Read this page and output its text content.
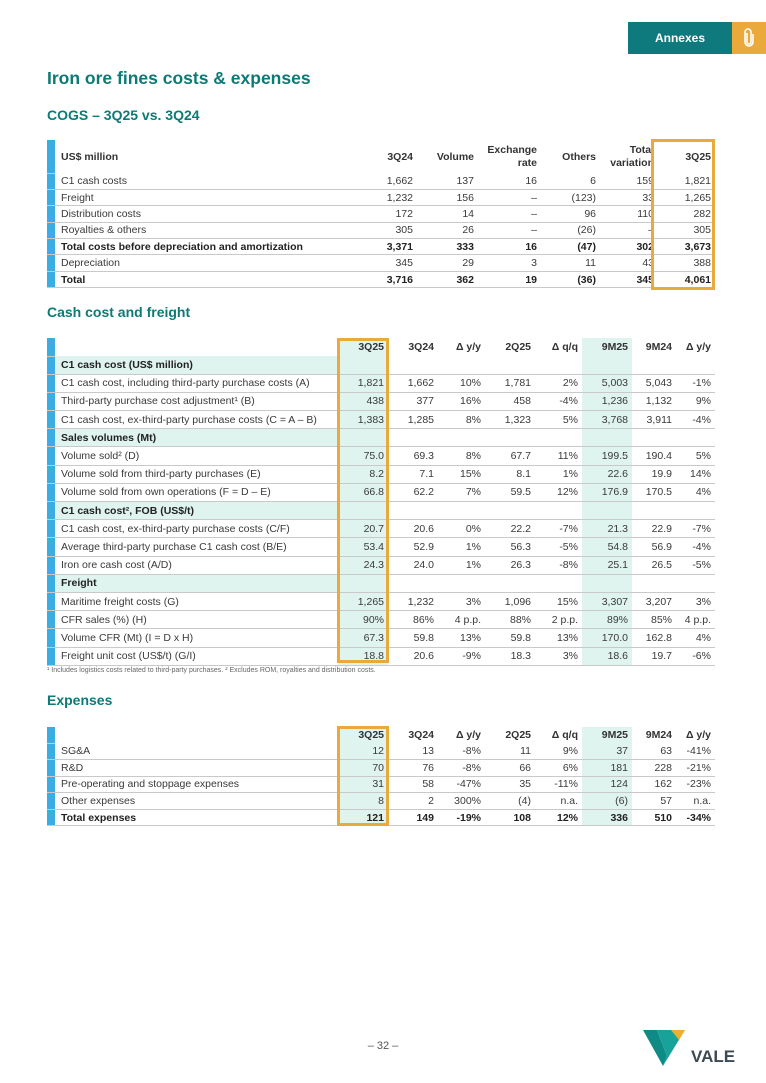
Annexes
Iron ore fines costs & expenses
COGS – 3Q25 vs. 3Q24
	US$ million	3Q24	Volume	Exchange rate	Others	Total variation	3Q25
	C1 cash costs	1,662	137	16	6	159	1,821
	Freight	1,232	156	–	(123)	33	1,265
	Distribution costs	172	14	–	96	110	282
	Royalties & others	305	26	–	(26)	–	305
	Total costs before depreciation and amortization	3,371	333	16	(47)	302	3,673
	Depreciation	345	29	3	11	43	388
	Total	3,716	362	19	(36)	345	4,061
Cash cost and freight
		3Q25	3Q24	Δ y/y	2Q25	Δ q/q	9M25	9M24	Δ y/y
	C1 cash cost (US$ million)								
	C1 cash cost, including third-party purchase costs (A)	1,821	1,662	10%	1,781	2%	5,003	5,043	-1%
	Third-party purchase cost adjustment¹ (B)	438	377	16%	458	-4%	1,236	1,132	9%
	C1 cash cost, ex-third-party purchase costs (C = A – B)	1,383	1,285	8%	1,323	5%	3,768	3,911	-4%
	Sales volumes (Mt)								
	Volume sold² (D)	75.0	69.3	8%	67.7	11%	199.5	190.4	5%
	Volume sold from third-party purchases (E)	8.2	7.1	15%	8.1	1%	22.6	19.9	14%
	Volume sold from own operations (F = D – E)	66.8	62.2	7%	59.5	12%	176.9	170.5	4%
	C1 cash cost², FOB (US$/t)								
	C1 cash cost, ex-third-party purchase costs (C/F)	20.7	20.6	0%	22.2	-7%	21.3	22.9	-7%
	Average third-party purchase C1 cash cost (B/E)	53.4	52.9	1%	56.3	-5%	54.8	56.9	-4%
	Iron ore cash cost (A/D)	24.3	24.0	1%	26.3	-8%	25.1	26.5	-5%
	Freight								
	Maritime freight costs (G)	1,265	1,232	3%	1,096	15%	3,307	3,207	3%
	CFR sales (%) (H)	90%	86%	4 p.p.	88%	2 p.p.	89%	85%	4 p.p.
	Volume CFR (Mt) (I = D x H)	67.3	59.8	13%	59.8	13%	170.0	162.8	4%
	Freight unit cost (US$/t) (G/I)	18.8	20.6	-9%	18.3	3%	18.6	19.7	-6%
¹ Includes logistics costs related to third-party purchases. ² Excludes ROM, royalties and distribution costs.
Expenses
		3Q25	3Q24	Δ y/y	2Q25	Δ q/q	9M25	9M24	Δ y/y
	SG&A	12	13	-8%	11	9%	37	63	-41%
	R&D	70	76	-8%	66	6%	181	228	-21%
	Pre-operating and stoppage expenses	31	58	-47%	35	-11%	124	162	-23%
	Other expenses	8	2	300%	(4)	n.a.	(6)	57	n.a.
	Total expenses	121	149	-19%	108	12%	336	510	-34%
– 32 –
VALE
